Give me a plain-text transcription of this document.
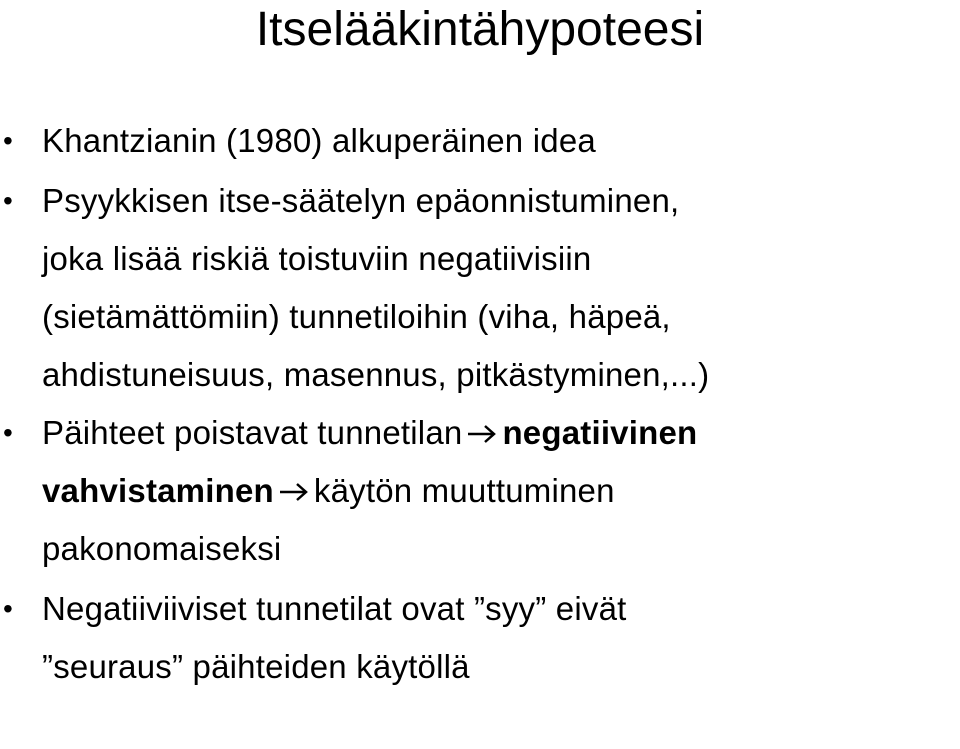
Itselääkintähypoteesi
• Khantzianin (1980) alkuperäinen idea
• Psyykkisen itse-säätelyn epäonnistuminen,
joka lisää riskiä toistuviin negatiivisiin
(sietämättömiin) tunnetiloihin (viha, häpeä,
ahdistuneisuus, masennus, pitkästyminen,...)
• Päihteet poistavat tunnetilan negatiivinen
vahvistaminen käytön muuttuminen
pakonomaiseksi
• Negatiiviiviset tunnetilat ovat ”syy” eivät
”seuraus” päihteiden käytöllä
